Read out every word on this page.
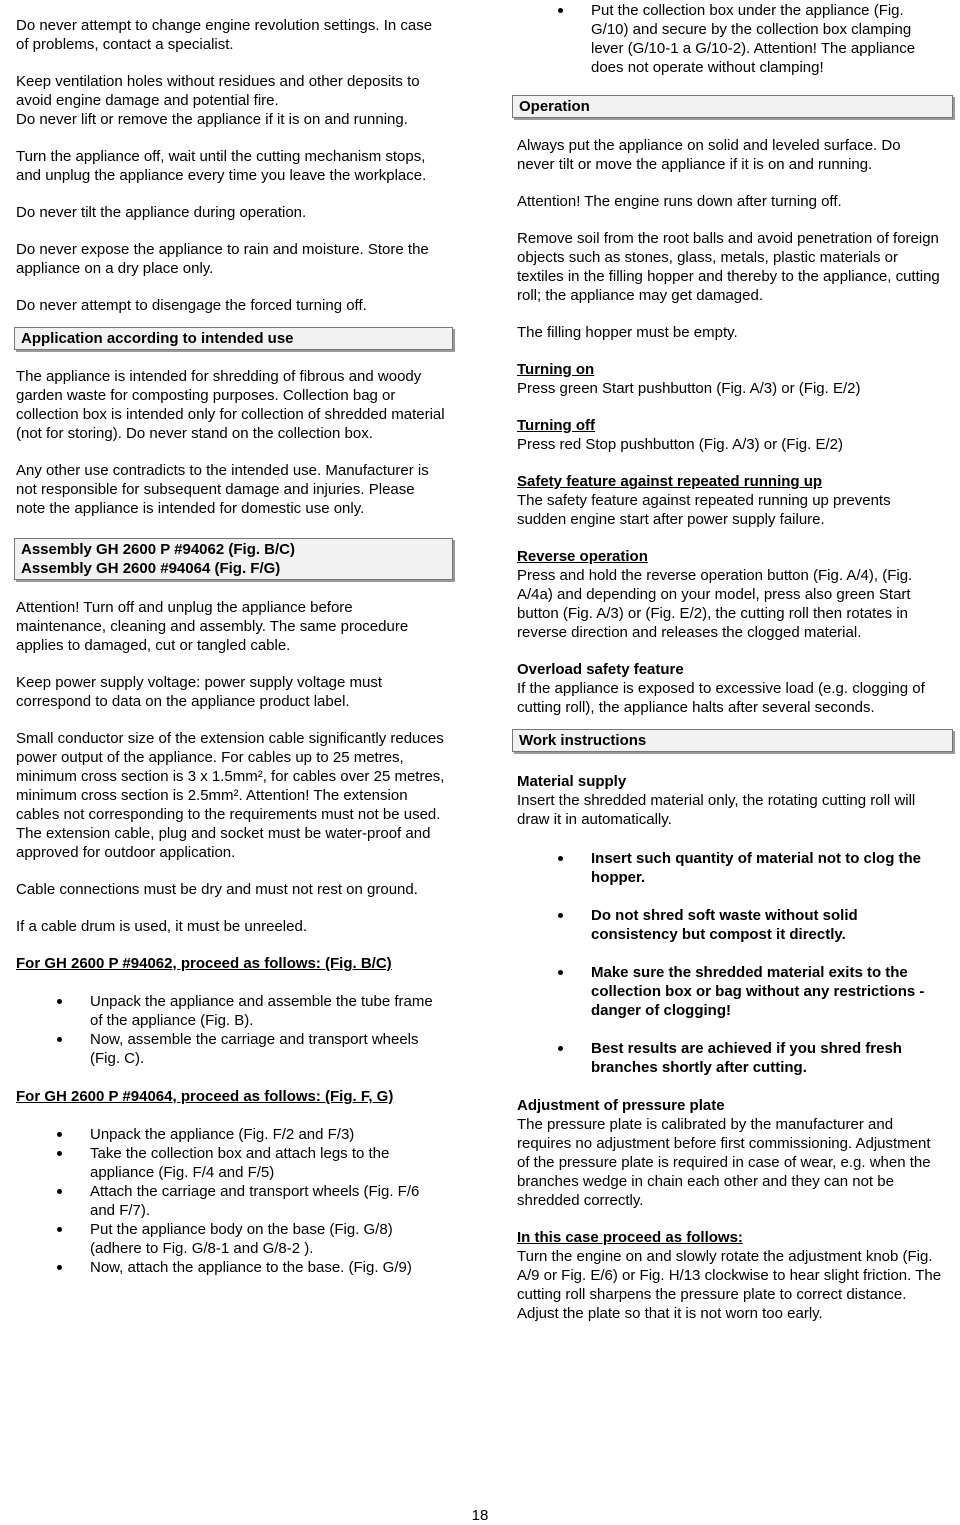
Do never attempt to change engine revolution settings. In case of problems, contact a specialist.

Keep ventilation holes without residues and other deposits to avoid engine damage and potential fire.

Do never lift or remove the appliance if it is on and running.

Turn the appliance off, wait until the cutting mechanism stops, and unplug the appliance every time you leave the workplace.

Do never tilt the appliance during operation.

Do never expose the appliance to rain and moisture. Store the appliance on a dry place only.

Do never attempt to disengage the forced turning off.

Application according to intended use

The appliance is intended for shredding of fibrous and woody garden waste for composting purposes. Collection bag or collection box is intended only for collection of shredded material (not for storing). Do never stand on the collection box.

Any other use contradicts to the intended use. Manufacturer is not responsible for subsequent damage and injuries. Please note the appliance is intended for domestic use only.

Assembly GH 2600 P #94062 (Fig. B/C)
Assembly GH 2600 #94064 (Fig. F/G)

Attention! Turn off and unplug the appliance before maintenance, cleaning and assembly. The same procedure applies to damaged, cut or tangled cable.

Keep power supply voltage: power supply voltage must correspond to data on the appliance product label.

Small conductor size of the extension cable significantly reduces power output of the appliance. For cables up to 25 metres, minimum cross section is 3 x 1.5mm², for cables over 25 metres, minimum cross section is 2.5mm². Attention! The extension cables not corresponding to the requirements must not be used. The extension cable, plug and socket must be water-proof and approved for outdoor application.

Cable connections must be dry and must not rest on ground.

If a cable drum is used, it must be unreeled.

For GH 2600 P #94062, proceed as follows: (Fig. B/C)

Unpack the appliance and assemble the tube frame of the appliance (Fig. B).
Now, assemble the carriage and transport wheels (Fig. C).

For GH 2600 P #94064, proceed as follows: (Fig. F, G)

Unpack the appliance (Fig. F/2 and F/3)
Take the collection box and attach legs to the appliance (Fig. F/4 and F/5)
Attach the carriage and transport wheels (Fig. F/6 and F/7).
Put the appliance body on the base (Fig. G/8) (adhere to Fig. G/8-1 and G/8-2 ).
Now, attach the appliance to the base. (Fig. G/9)
Put the collection box under the appliance (Fig. G/10) and secure by the collection box clamping lever (G/10-1 a G/10-2). Attention! The appliance does not operate without clamping!
Operation

Always put the appliance on solid and leveled surface. Do never tilt or move the appliance if it is on and running.

Attention! The engine runs down after turning off.

Remove soil from the root balls and avoid penetration of foreign objects such as stones, glass, metals, plastic materials or textiles in the filling hopper and thereby to the appliance, cutting roll; the appliance may get damaged.

The filling hopper must be empty.

Turning on
Press green Start pushbutton (Fig. A/3) or (Fig. E/2)

Turning off
Press red Stop pushbutton (Fig. A/3) or (Fig. E/2)

Safety feature against repeated running up
The safety feature against repeated running up prevents sudden engine start after power supply failure.

Reverse operation
Press and hold the reverse operation button (Fig. A/4), (Fig. A/4a) and depending on your model, press also green Start button (Fig. A/3) or (Fig. E/2), the cutting roll then rotates in reverse direction and releases the clogged material.

Overload safety feature
If the appliance is exposed to excessive load (e.g. clogging of cutting roll), the appliance halts after several seconds.

Work instructions

Material supply
Insert the shredded material only, the rotating cutting roll will draw it in automatically.

Insert such quantity of material not to clog the hopper.
Do not shred soft waste without solid consistency but compost it directly.
Make sure the shredded material exits to the collection box or bag without any restrictions - danger of clogging!
Best results are achieved if you shred fresh branches shortly after cutting.

Adjustment of pressure plate
The pressure plate is calibrated by the manufacturer and requires no adjustment before first commissioning. Adjustment of the pressure plate is required in case of wear, e.g. when the branches wedge in chain each other and they can not be shredded correctly.

In this case proceed as follows:
Turn the engine on and slowly rotate the adjustment knob (Fig. A/9 or Fig. E/6) or Fig. H/13 clockwise to hear slight friction. The cutting roll sharpens the pressure plate to correct distance. Adjust the plate so that it is not worn too early.

18
